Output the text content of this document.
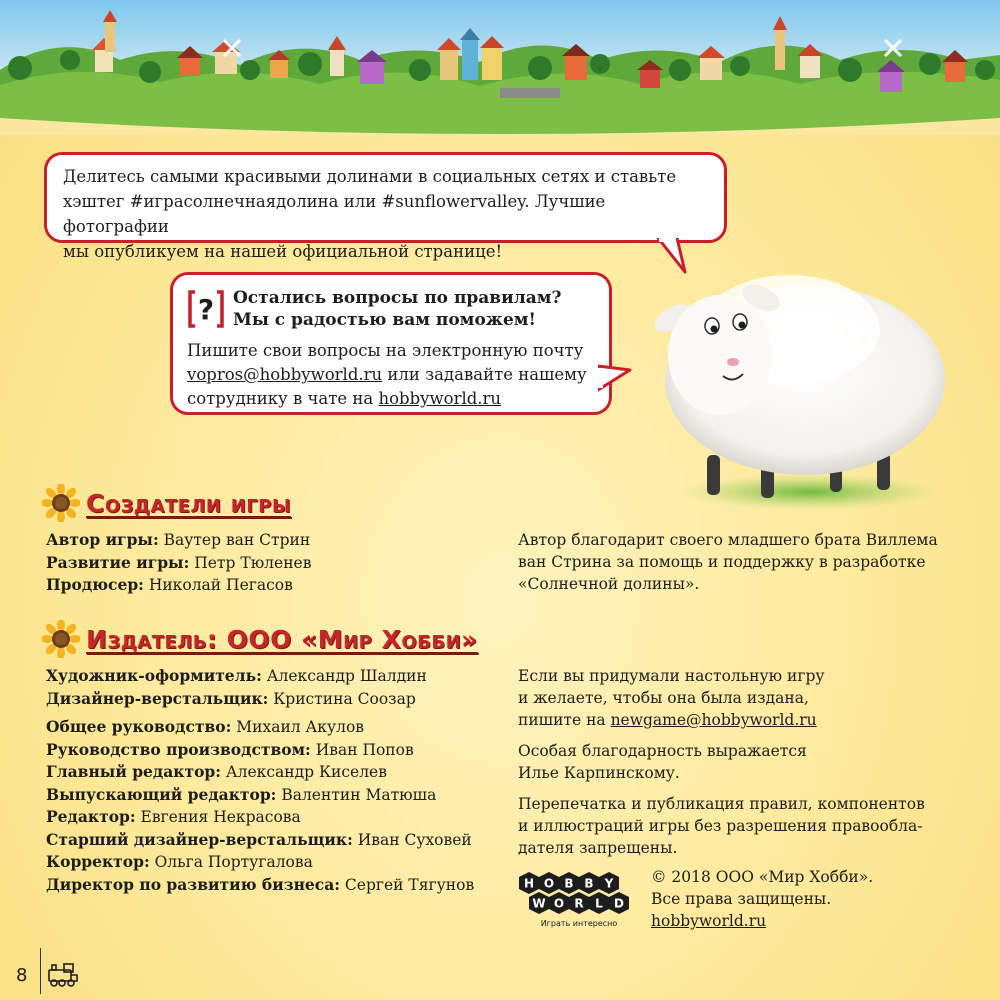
Делитесь самыми красивыми долинами в социальных сетях и ставьте
хэштег #играсолнечнаядолина или #sunflowervalley. Лучшие фотографии
мы опубликуем на нашей официальной странице!
? Остались вопросы по правилам?
Мы с радостью вам поможем!
Пишите свои вопросы на электронную почту
vopros@hobbyworld.ru или задавайте нашему
сотруднику в чате на hobbyworld.ru
Создатели игры
Автор игры: Ваутер ван Стрин
Развитие игры: Петр Тюленев
Продюсер: Николай Пегасов
Автор благодарит своего младшего брата Виллема
ван Стрина за помощь и поддержку в разработке
«Солнечной долины».
Издатель: ООО «Мир Хобби»
Художник-оформитель: Александр Шалдин
Дизайнер-верстальщик: Кристина Соозар
Общее руководство: Михаил Акулов
Руководство производством: Иван Попов
Главный редактор: Александр Киселев
Выпускающий редактор: Валентин Матюша
Редактор: Евгения Некрасова
Старший дизайнер-верстальщик: Иван Суховей
Корректор: Ольга Португалова
Директор по развитию бизнеса: Сергей Тягунов
Если вы придумали настольную игру
и желаете, чтобы она была издана,
пишите на newgame@hobbyworld.ru
Особая благодарность выражается
Илье Карпинскому.
Перепечатка и публикация правил, компонентов
и иллюстраций игры без разрешения правообла-
дателя запрещены.
H O B B Y
W O R L D
Играть интересно
© 2018 ООО «Мир Хобби».
Все права защищены.
hobbyworld.ru
8
